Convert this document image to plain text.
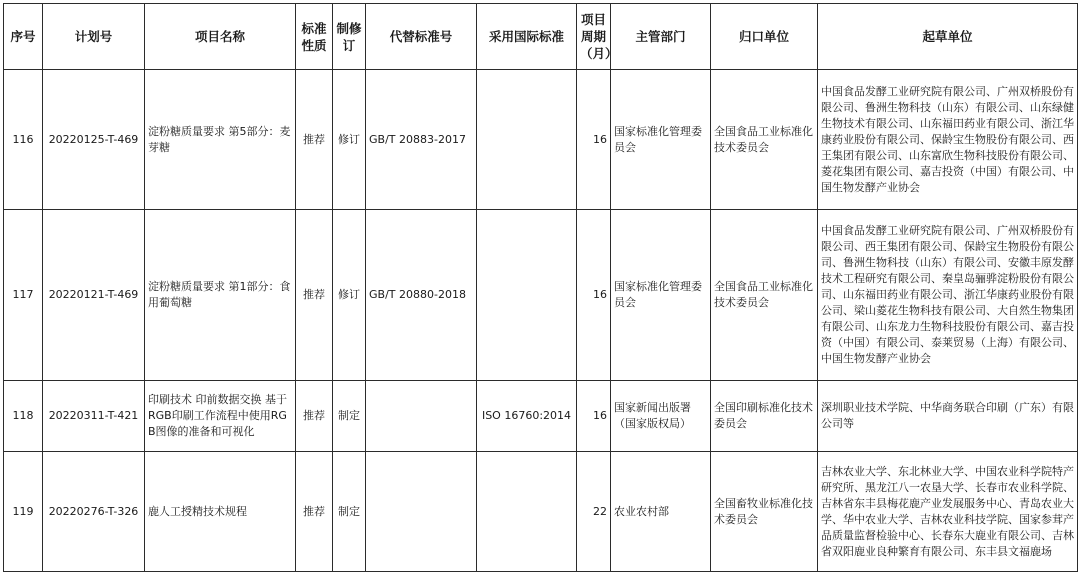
序号	计划号	项目名称	标准性质	制修订	代替标准号	采用国际标准	项目周期（月）	主管部门	归口单位	起草单位
116	20220125-T-469	淀粉糖质量要求 第5部分：麦芽糖	推荐	修订	GB/T 20883-2017		16	国家标准化管理委员会	全国食品工业标准化技术委员会	中国食品发酵工业研究院有限公司、广州双桥股份有限公司、鲁洲生物科技（山东）有限公司、山东绿健生物技术有限公司、山东福田药业有限公司、浙江华康药业股份有限公司、保龄宝生物股份有限公司、西王集团有限公司、山东富欣生物科技股份有限公司、菱花集团有限公司、嘉吉投资（中国）有限公司、中国生物发酵产业协会
117	20220121-T-469	淀粉糖质量要求 第1部分：食用葡萄糖	推荐	修订	GB/T 20880-2018		16	国家标准化管理委员会	全国食品工业标准化技术委员会	中国食品发酵工业研究院有限公司、广州双桥股份有限公司、西王集团有限公司、保龄宝生物股份有限公司、鲁洲生物科技（山东）有限公司、安徽丰原发酵技术工程研究有限公司、秦皇岛骊骅淀粉股份有限公司、山东福田药业有限公司、浙江华康药业股份有限公司、梁山菱花生物科技有限公司、大自然生物集团有限公司、山东龙力生物科技股份有限公司、嘉吉投资（中国）有限公司、泰莱贸易（上海）有限公司、中国生物发酵产业协会
118	20220311-T-421	印刷技术 印前数据交换 基于RGB印刷工作流程中使用RGB图像的准备和可视化	推荐	制定		ISO 16760:2014	16	国家新闻出版署（国家版权局）	全国印刷标准化技术委员会	深圳职业技术学院、中华商务联合印刷（广东）有限公司等
119	20220276-T-326	鹿人工授精技术规程	推荐	制定			22	农业农村部	全国畜牧业标准化技术委员会	吉林农业大学、东北林业大学、中国农业科学院特产研究所、黑龙江八一农垦大学、长春市农业科学院、吉林省东丰县梅花鹿产业发展服务中心、青岛农业大学、华中农业大学、吉林农业科技学院、国家参茸产品质量监督检验中心、长春东大鹿业有限公司、吉林省双阳鹿业良种繁育有限公司、东丰县文福鹿场
